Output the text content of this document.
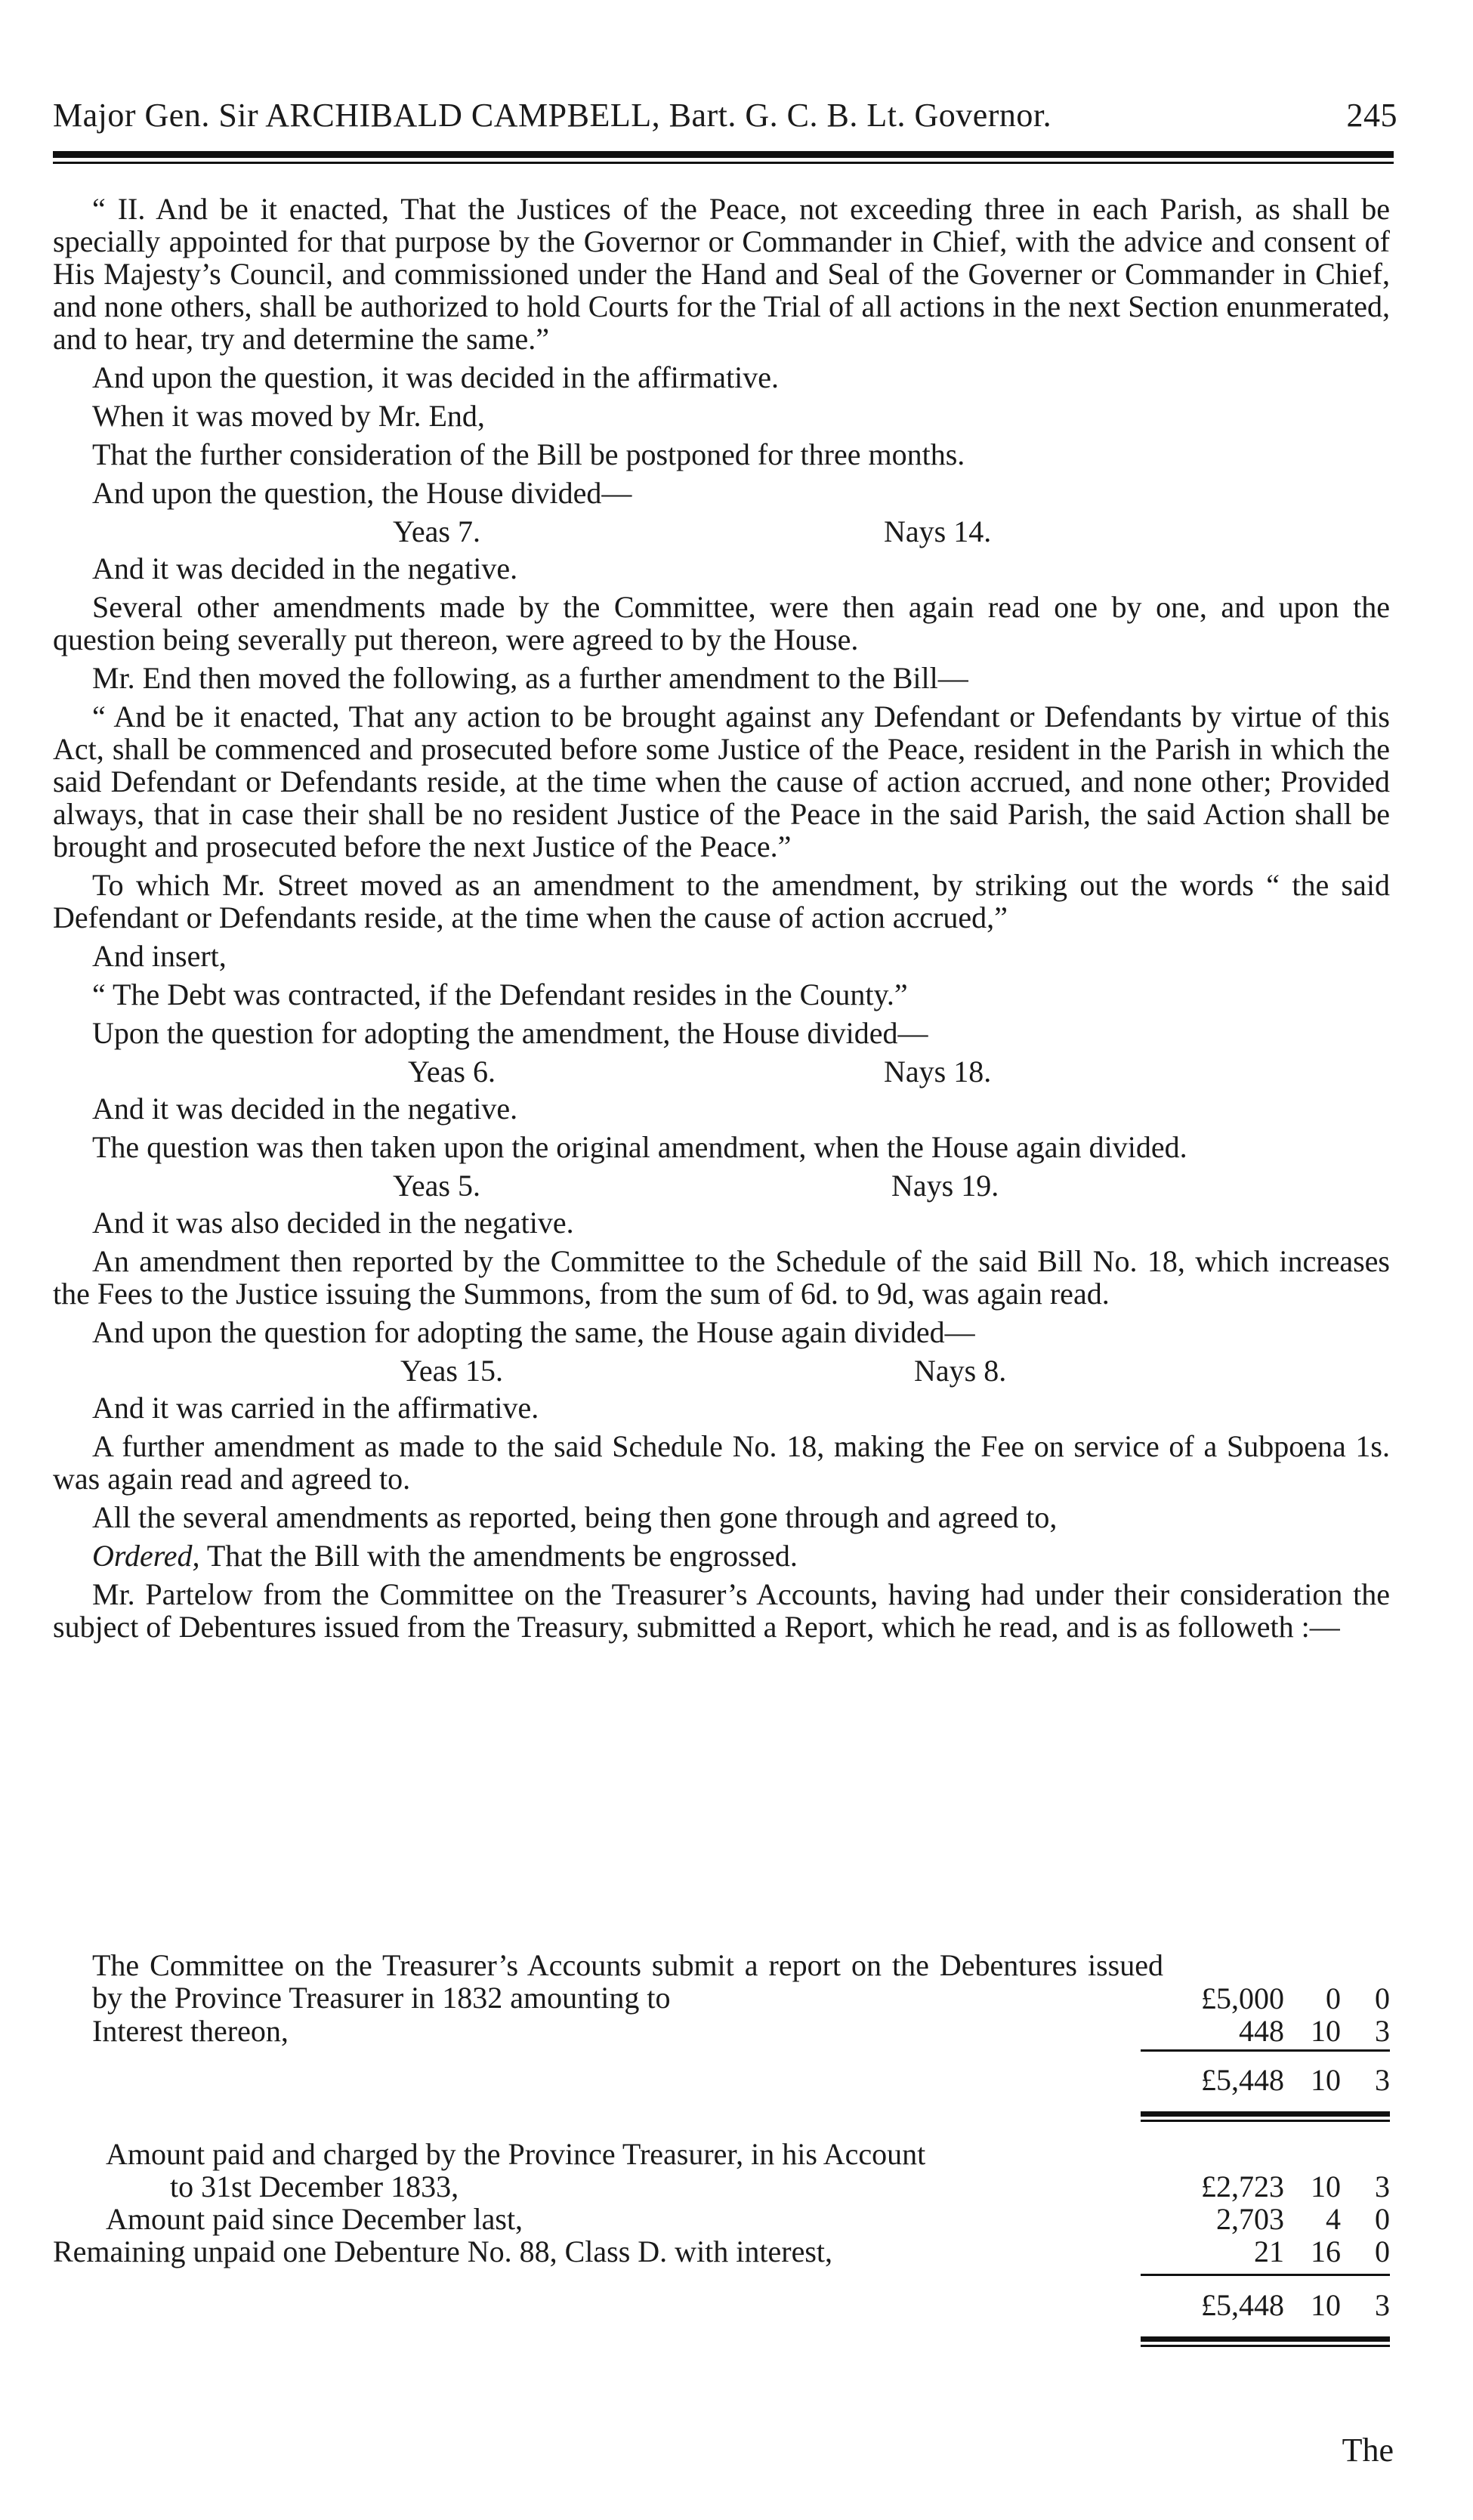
Major Gen. Sir ARCHIBALD CAMPBELL, Bart. G. C. B. Lt. Governor.	245

“ II. And be it enacted, That the Justices of the Peace, not exceeding three in each Parish, as shall be specially appointed for that purpose by the Governor or Commander in Chief, with the advice and consent of His Majesty’s Council, and commissioned under the Hand and Seal of the Governer or Commander in Chief, and none others, shall be authorized to hold Courts for the Trial of all actions in the next Section enunmerated, and to hear, try and determine the same.”

And upon the question, it was decided in the affirmative.

When it was moved by Mr. End,

That the further consideration of the Bill be postponed for three months.

And upon the question, the House divided—

Yeas 7.	Nays 14.

And it was decided in the negative.

Several other amendments made by the Committee, were then again read one by one, and upon the question being severally put thereon, were agreed to by the House.

Mr. End then moved the following, as a further amendment to the Bill—

“ And be it enacted, That any action to be brought against any Defendant or Defendants by virtue of this Act, shall be commenced and prosecuted before some Justice of the Peace, resident in the Parish in which the said Defendant or Defendants reside, at the time when the cause of action accrued, and none other; Provided always, that in case their shall be no resident Justice of the Peace in the said Parish, the said Action shall be brought and prosecuted before the next Justice of the Peace.”

To which Mr. Street moved as an amendment to the amendment, by striking out the words “ the said Defendant or Defendants reside, at the time when the cause of action accrued,”

And insert,

“ The Debt was contracted, if the Defendant resides in the County.”

Upon the question for adopting the amendment, the House divided—

Yeas 6.	Nays 18.

And it was decided in the negative.

The question was then taken upon the original amendment, when the House again divided.

Yeas 5.	Nays 19.

And it was also decided in the negative.

An amendment then reported by the Committee to the Schedule of the said Bill No. 18, which increases the Fees to the Justice issuing the Summons, from the sum of 6d. to 9d, was again read.

And upon the question for adopting the same, the House again divided—

Yeas 15.	Nays 8.

And it was carried in the affirmative.

A further amendment as made to the said Schedule No. 18, making the Fee on service of a Subpoena 1s. was again read and agreed to.

All the several amendments as reported, being then gone through and agreed to,

Ordered, That the Bill with the amendments be engrossed.

Mr. Partelow from the Committee on the Treasurer’s Accounts, having had under their consideration the subject of Debentures issued from the Treasury, submitted a Report, which he read, and is as followeth :—

The Committee on the Treasurer’s Accounts submit a report on the Debentures issued by the Province Treasurer in 1832 amounting to	£5,000 0 0
Interest thereon,	448 10 3
£5,448 10 3
Amount paid and charged by the Province Treasurer, in his Account
to 31st December 1833,	£2,723 10 3
Amount paid since December last,	2,703 4 0
Remaining unpaid one Debenture No. 88, Class D. with interest,	21 16 0
£5,448 10 3
The
